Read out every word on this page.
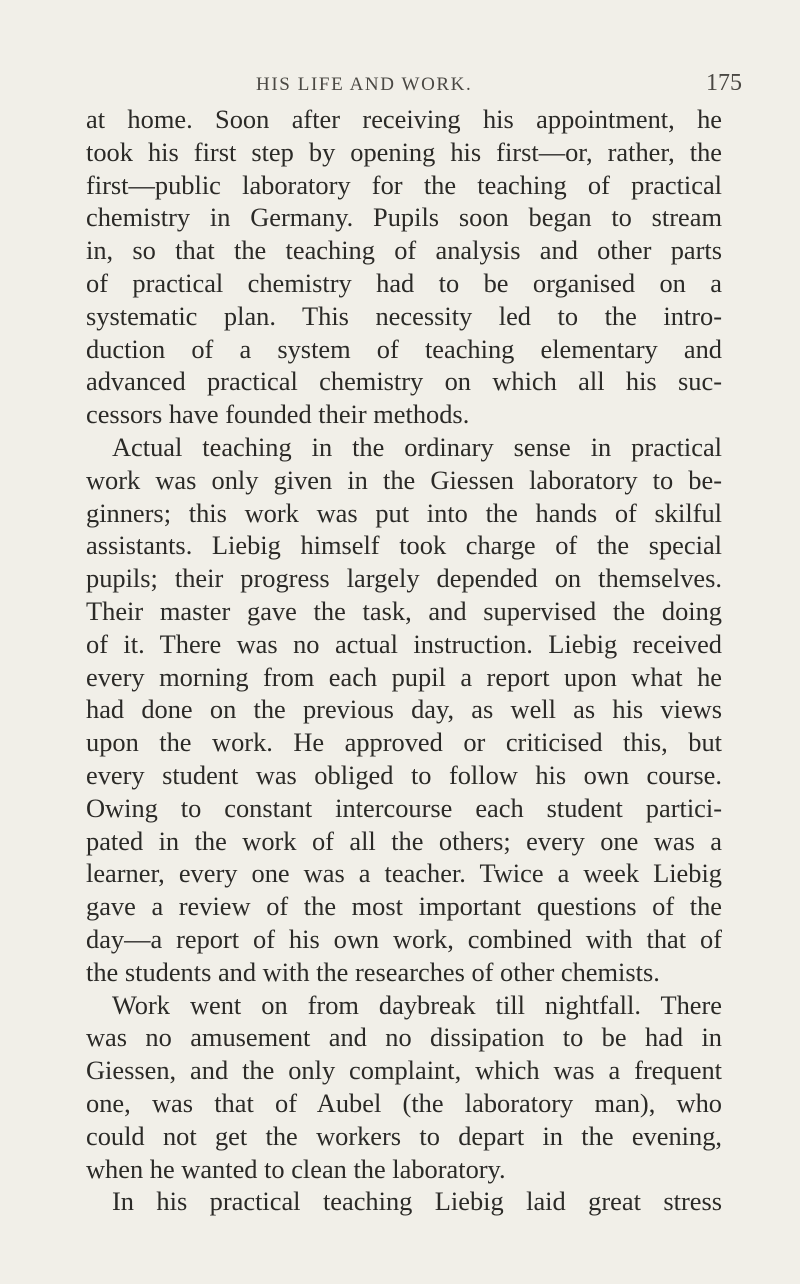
HIS LIFE AND WORK.	175
at home. Soon after receiving his appointment, he
took his first step by opening his first—or, rather, the
first—public laboratory for the teaching of practical
chemistry in Germany. Pupils soon began to stream
in, so that the teaching of analysis and other parts
of practical chemistry had to be organised on a
systematic plan. This necessity led to the intro-
duction of a system of teaching elementary and
advanced practical chemistry on which all his suc-
cessors have founded their methods.
Actual teaching in the ordinary sense in practical
work was only given in the Giessen laboratory to be-
ginners; this work was put into the hands of skilful
assistants. Liebig himself took charge of the special
pupils; their progress largely depended on themselves.
Their master gave the task, and supervised the doing
of it. There was no actual instruction. Liebig received
every morning from each pupil a report upon what he
had done on the previous day, as well as his views
upon the work. He approved or criticised this, but
every student was obliged to follow his own course.
Owing to constant intercourse each student partici-
pated in the work of all the others; every one was a
learner, every one was a teacher. Twice a week Liebig
gave a review of the most important questions of the
day—a report of his own work, combined with that of
the students and with the researches of other chemists.
Work went on from daybreak till nightfall. There
was no amusement and no dissipation to be had in
Giessen, and the only complaint, which was a frequent
one, was that of Aubel (the laboratory man), who
could not get the workers to depart in the evening,
when he wanted to clean the laboratory.
In his practical teaching Liebig laid great stress
